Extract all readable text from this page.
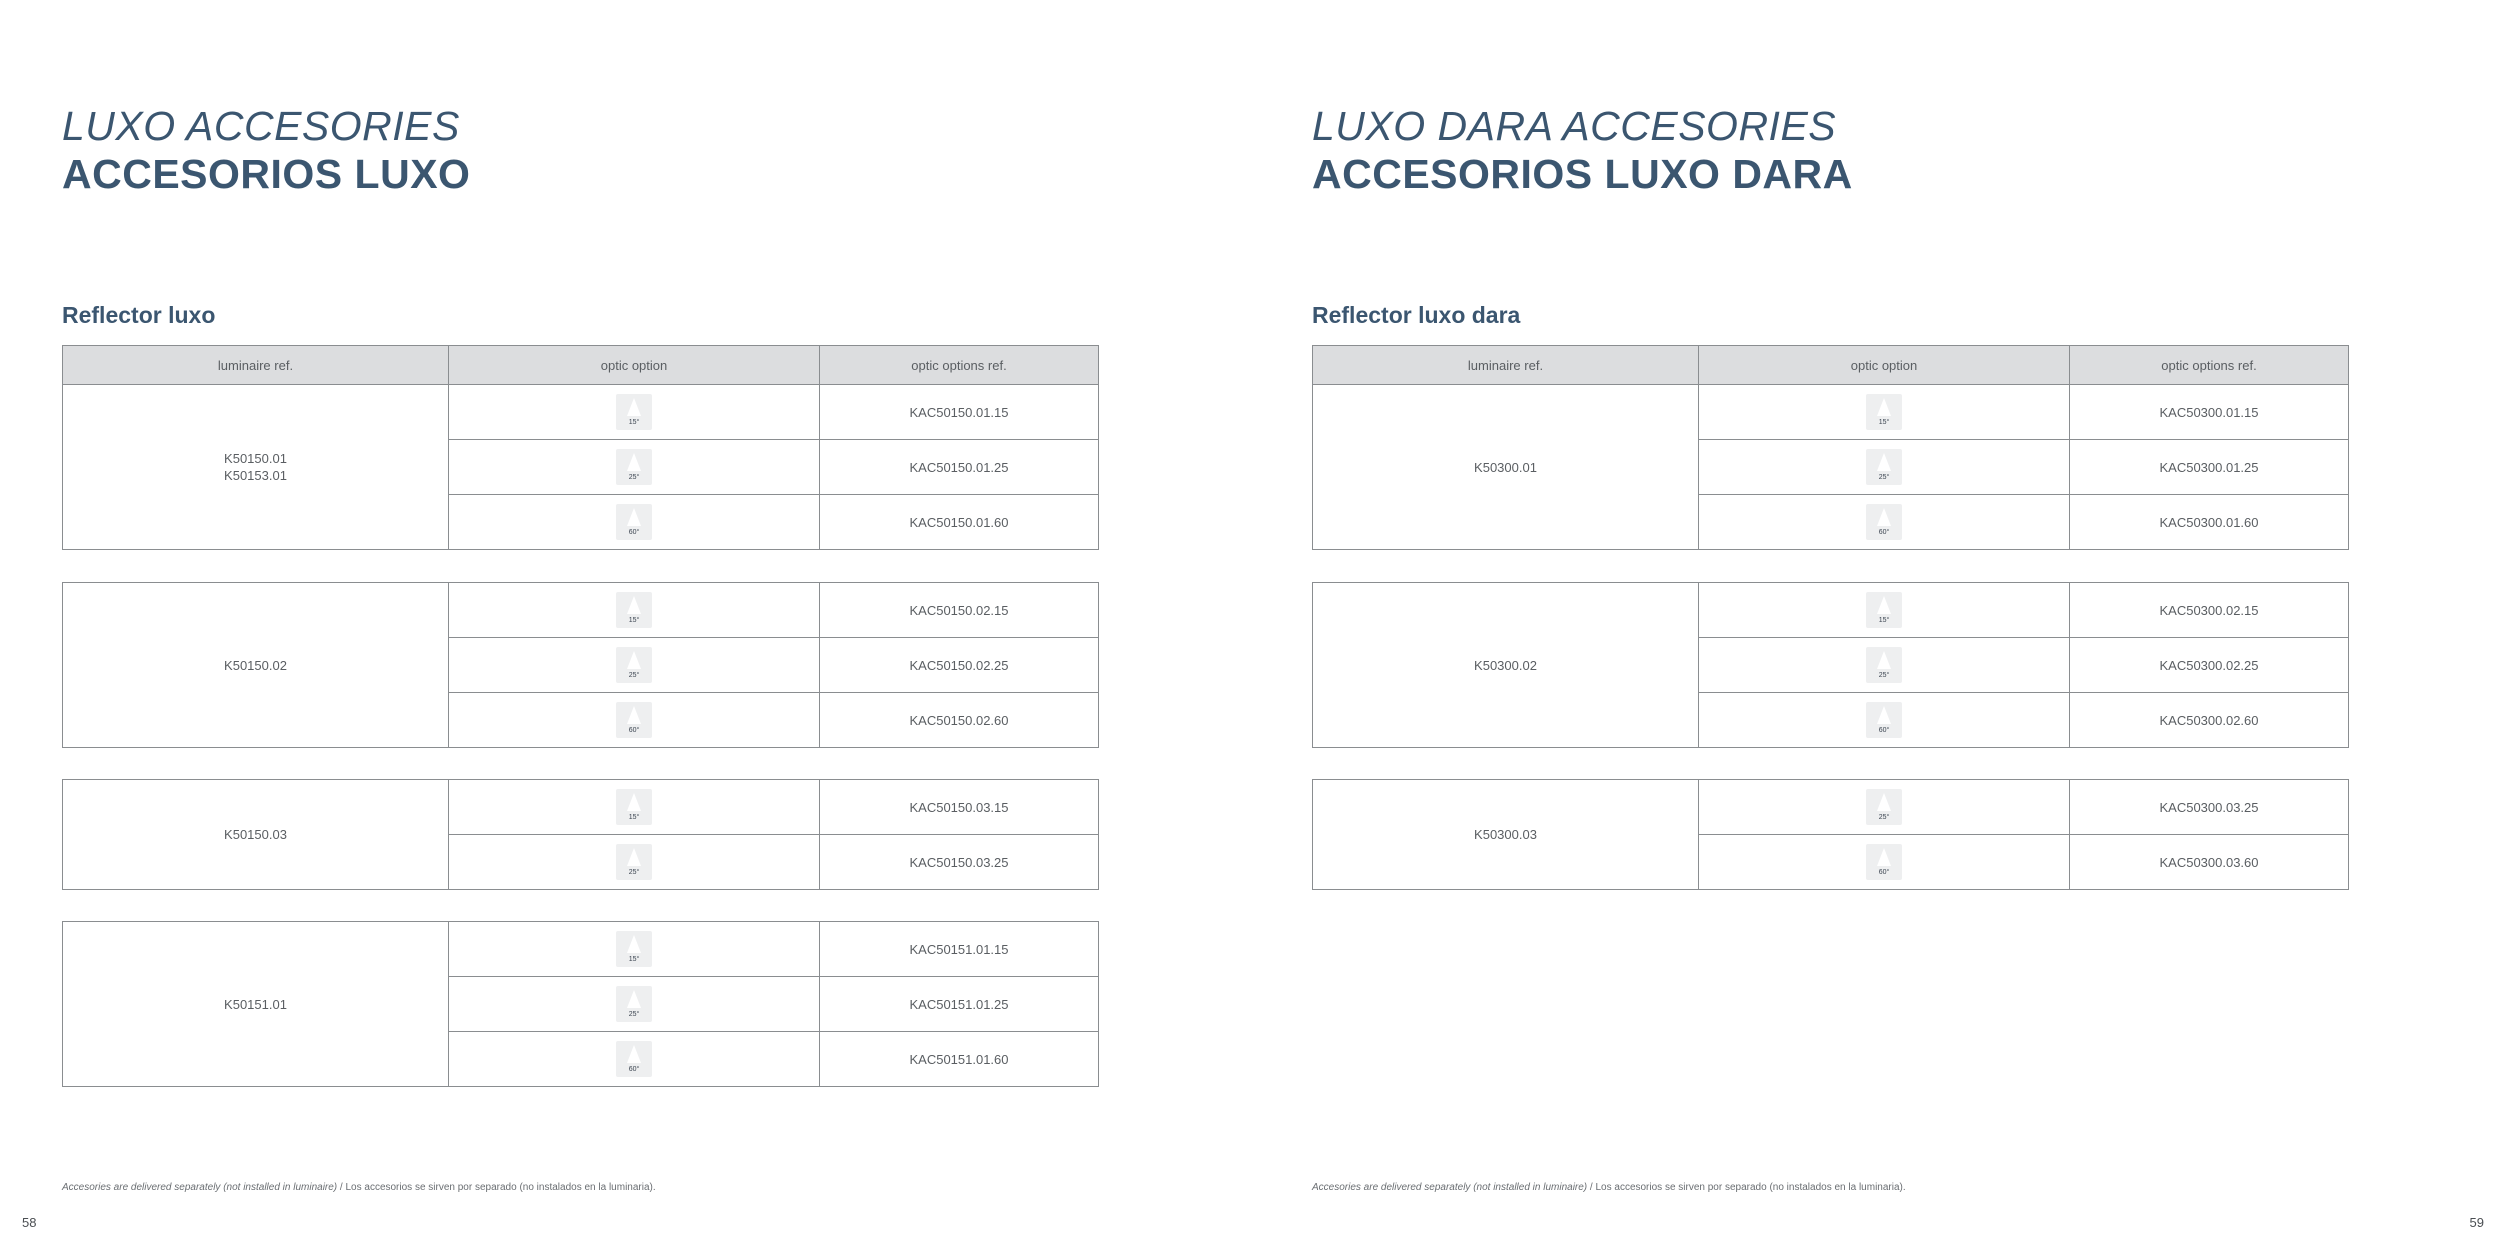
LUXO ACCESORIES
ACCESORIOS LUXO
Reflector luxo
luminaire ref.	optic option	optic options ref.

K50150.01
K50153.01	15°	KAC50150.01.15

	25°	KAC50150.01.25

	60°	KAC50150.01.60
K50150.02	15°	KAC50150.02.15

	25°	KAC50150.02.25

	60°	KAC50150.02.60
K50150.03	15°	KAC50150.03.15

	25°	KAC50150.03.25
K50151.01	15°	KAC50151.01.15

	25°	KAC50151.01.25

	60°	KAC50151.01.60

Accesories are delivered separately (not installed in luminaire) / Los accesorios se sirven por separado (no instalados en la luminaria).

58

LUXO DARA ACCESORIES
ACCESORIOS LUXO DARA
Reflector luxo dara
luminaire ref.	optic option	optic options ref.

K50300.01	15°	KAC50300.01.15

	25°	KAC50300.01.25

	60°	KAC50300.01.60
K50300.02	15°	KAC50300.02.15

	25°	KAC50300.02.25

	60°	KAC50300.02.60
K50300.03	25°	KAC50300.03.25

	60°	KAC50300.03.60

Accesories are delivered separately (not installed in luminaire) / Los accesorios se sirven por separado (no instalados en la luminaria).

59
